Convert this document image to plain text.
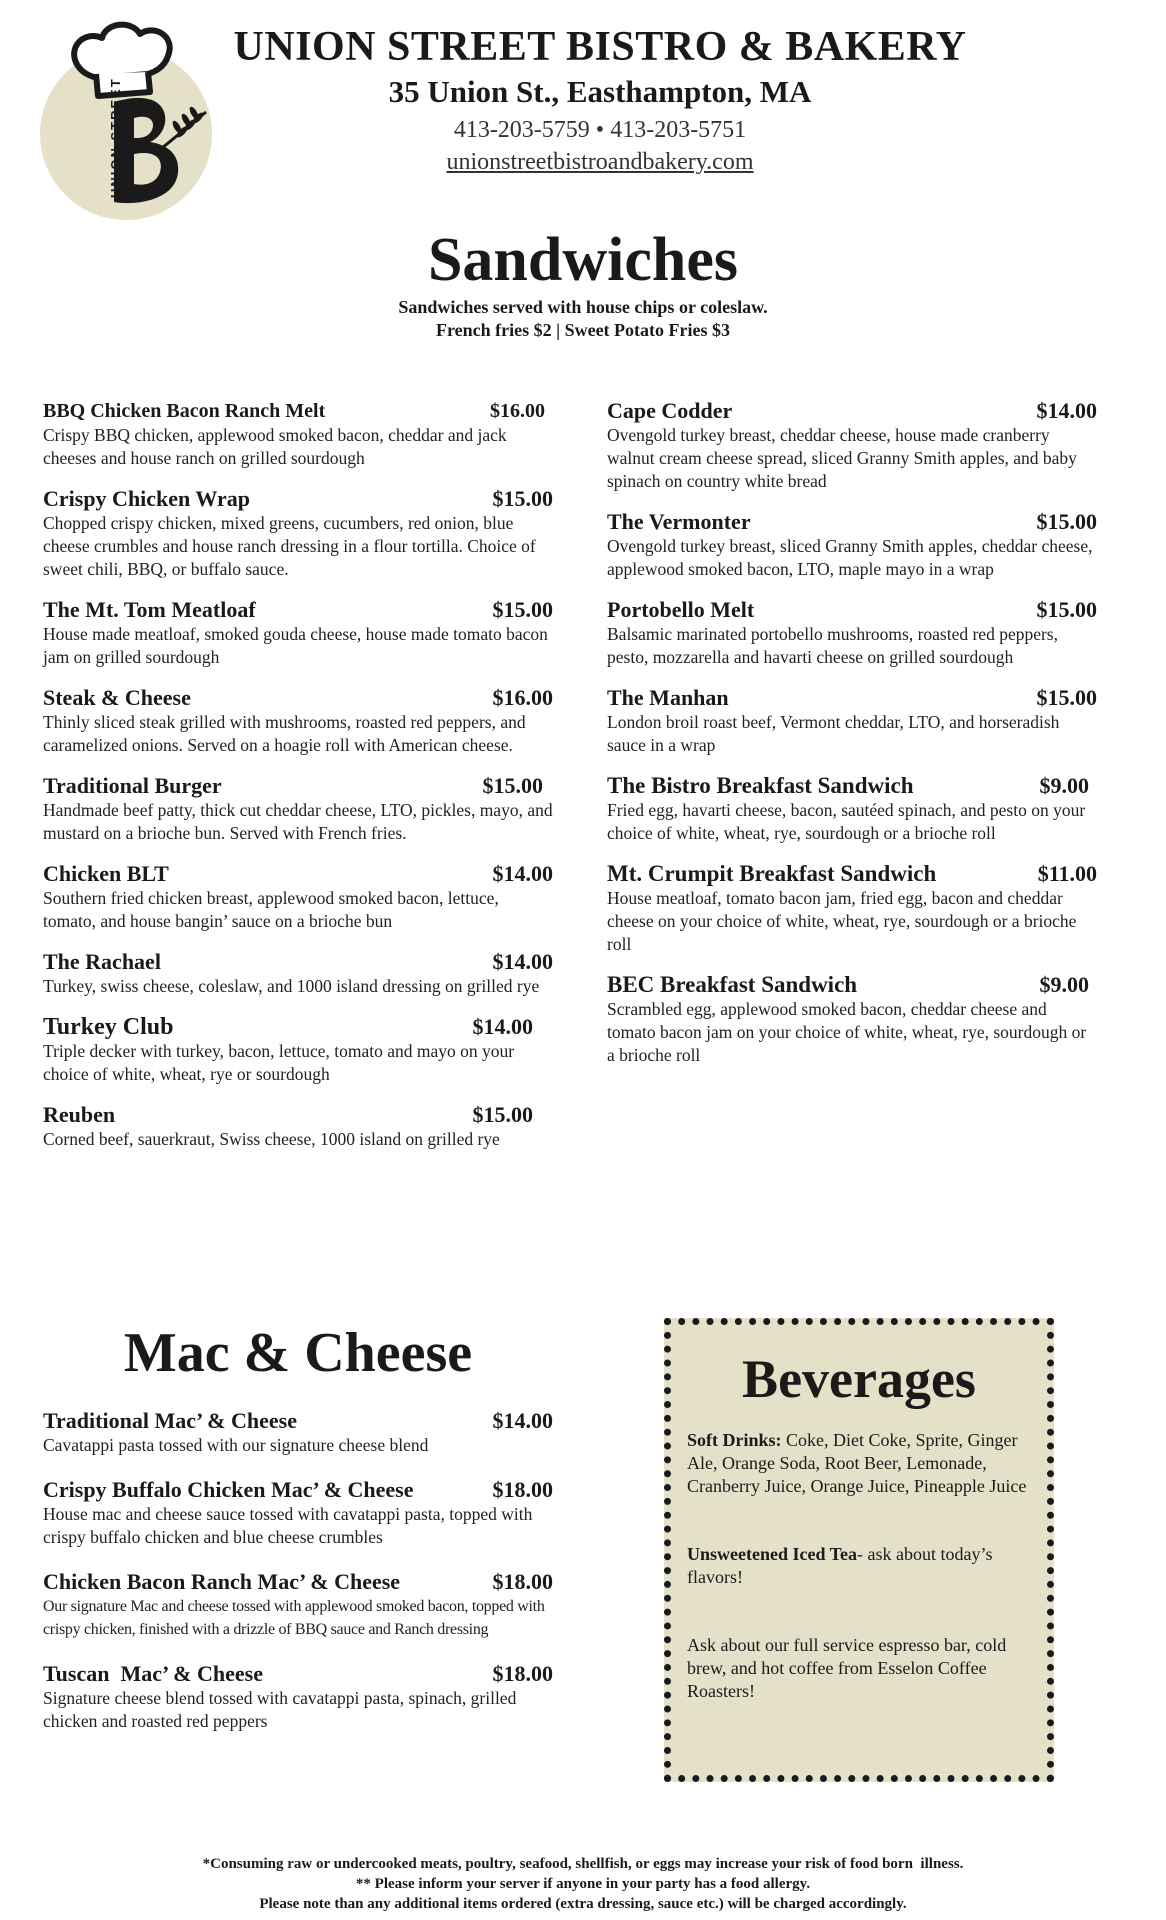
UNION STREET
UNION STREET BISTRO & BAKERY
35 Union St., Easthampton, MA
413-203-5759 • 413-203-5751
unionstreetbistroandbakery.com
Sandwiches
Sandwiches served with house chips or coleslaw.
French fries $2 | Sweet Potato Fries $3
BBQ Chicken Bacon Ranch Melt	$16.00
Crispy BBQ chicken, applewood smoked bacon, cheddar and jack cheeses and house ranch on grilled sourdough
Crispy Chicken Wrap	$15.00
Chopped crispy chicken, mixed greens, cucumbers, red onion, blue cheese crumbles and house ranch dressing in a flour tortilla. Choice of sweet chili, BBQ, or buffalo sauce.
The Mt. Tom Meatloaf	$15.00
House made meatloaf, smoked gouda cheese, house made tomato bacon jam on grilled sourdough
Steak & Cheese	$16.00
Thinly sliced steak grilled with mushrooms, roasted red peppers, and caramelized onions. Served on a hoagie roll with American cheese.
Traditional Burger	$15.00
Handmade beef patty, thick cut cheddar cheese, LTO, pickles, mayo, and mustard on a brioche bun. Served with French fries.
Chicken BLT	$14.00
Southern fried chicken breast, applewood smoked bacon, lettuce, tomato, and house bangin’ sauce on a brioche bun
The Rachael	$14.00
Turkey, swiss cheese, coleslaw, and 1000 island dressing on grilled rye
Turkey Club	$14.00
Triple decker with turkey, bacon, lettuce, tomato and mayo on your choice of white, wheat, rye or sourdough
Reuben	$15.00
Corned beef, sauerkraut, Swiss cheese, 1000 island on grilled rye
Cape Codder	$14.00
Ovengold turkey breast, cheddar cheese, house made cranberry walnut cream cheese spread, sliced Granny Smith apples, and baby spinach on country white bread
The Vermonter	$15.00
Ovengold turkey breast, sliced Granny Smith apples, cheddar cheese, applewood smoked bacon, LTO, maple mayo in a wrap
Portobello Melt	$15.00
Balsamic marinated portobello mushrooms, roasted red peppers, pesto, mozzarella and havarti cheese on grilled sourdough
The Manhan	$15.00
London broil roast beef, Vermont cheddar, LTO, and horseradish sauce in a wrap
The Bistro Breakfast Sandwich	$9.00
Fried egg, havarti cheese, bacon, sautéed spinach, and pesto on your choice of white, wheat, rye, sourdough or a brioche roll
Mt. Crumpit Breakfast Sandwich	$11.00
House meatloaf, tomato bacon jam, fried egg, bacon and cheddar cheese on your choice of white, wheat, rye, sourdough or a brioche roll
BEC Breakfast Sandwich	$9.00
Scrambled egg, applewood smoked bacon, cheddar cheese and tomato bacon jam on your choice of white, wheat, rye, sourdough or a brioche roll
Mac & Cheese
Traditional Mac’ & Cheese	$14.00
Cavatappi pasta tossed with our signature cheese blend
Crispy Buffalo Chicken Mac’ & Cheese	$18.00
House mac and cheese sauce tossed with cavatappi pasta, topped with crispy buffalo chicken and blue cheese crumbles
Chicken Bacon Ranch Mac’ & Cheese	$18.00
Our signature Mac and cheese tossed with applewood smoked bacon, topped with crispy chicken, finished with a drizzle of BBQ sauce and Ranch dressing
Tuscan  Mac’ & Cheese	$18.00
Signature cheese blend tossed with cavatappi pasta, spinach, grilled chicken and roasted red peppers
Beverages
Soft Drinks: Coke, Diet Coke, Sprite, Ginger Ale, Orange Soda, Root Beer, Lemonade, Cranberry Juice, Orange Juice, Pineapple Juice
Unsweetened Iced Tea- ask about today’s flavors!
Ask about our full service espresso bar, cold brew, and hot coffee from Esselon Coffee Roasters!
*Consuming raw or undercooked meats, poultry, seafood, shellfish, or eggs may increase your risk of food born  illness.
** Please inform your server if anyone in your party has a food allergy.
Please note than any additional items ordered (extra dressing, sauce etc.) will be charged accordingly.
